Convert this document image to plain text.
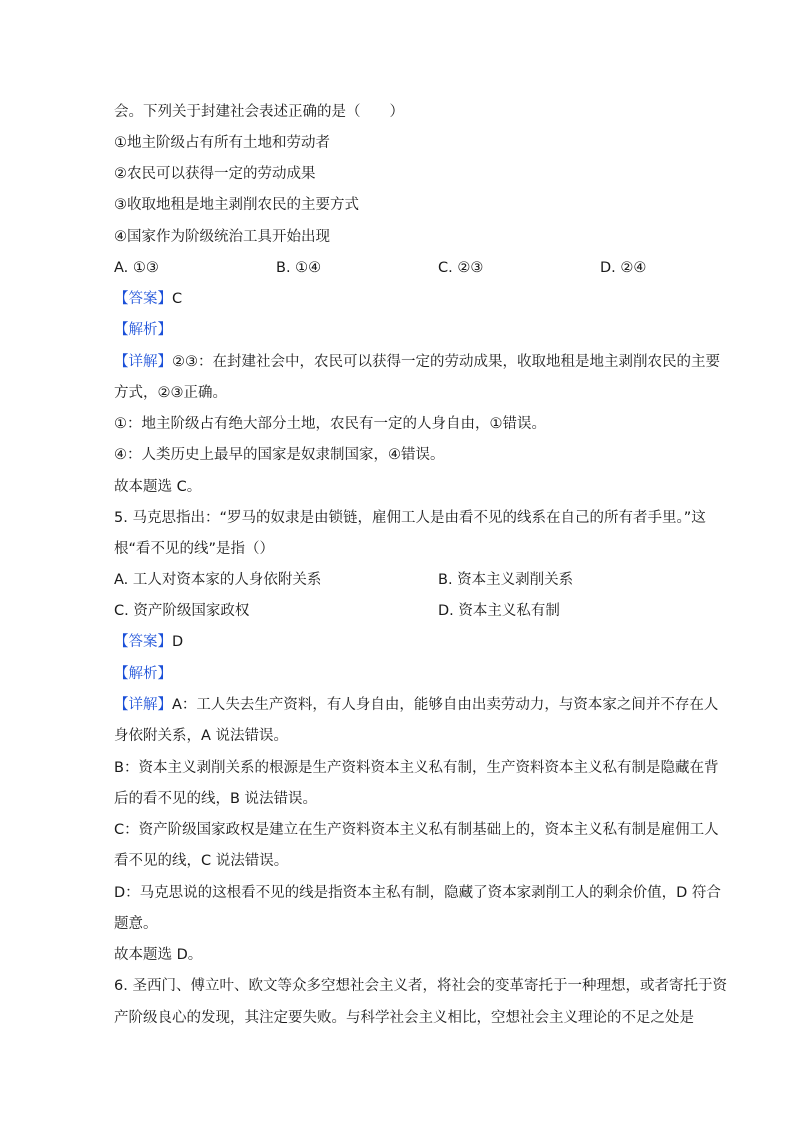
会。下列关于封建社会表述正确的是（　　）
①地主阶级占有所有土地和劳动者
②农民可以获得一定的劳动成果
③收取地租是地主剥削农民的主要方式
④国家作为阶级统治工具开始出现
A. ①③	B. ①④	C. ②③	D. ②④
【答案】C
【解析】
【详解】②③：在封建社会中，农民可以获得一定的劳动成果，收取地租是地主剥削农民的主要
方式，②③正确。
①：地主阶级占有绝大部分土地，农民有一定的人身自由，①错误。
④：人类历史上最早的国家是奴隶制国家，④错误。
故本题选 C。
5. 马克思指出：“罗马的奴隶是由锁链，雇佣工人是由看不见的线系在自己的所有者手里。”这
根“看不见的线”是指（）
A. 工人对资本家的人身依附关系	B. 资本主义剥削关系
C. 资产阶级国家政权	D. 资本主义私有制
【答案】D
【解析】
【详解】A：工人失去生产资料，有人身自由，能够自由出卖劳动力，与资本家之间并不存在人
身依附关系，A 说法错误。
B：资本主义剥削关系的根源是生产资料资本主义私有制，生产资料资本主义私有制是隐藏在背
后的看不见的线，B 说法错误。
C：资产阶级国家政权是建立在生产资料资本主义私有制基础上的，资本主义私有制是雇佣工人
看不见的线，C 说法错误。
D：马克思说的这根看不见的线是指资本主私有制，隐藏了资本家剥削工人的剩余价值，D 符合
题意。
故本题选 D。
6. 圣西门、傅立叶、欧文等众多空想社会主义者，将社会的变革寄托于一种理想，或者寄托于资
产阶级良心的发现，其注定要失败。与科学社会主义相比，空想社会主义理论的不足之处是
